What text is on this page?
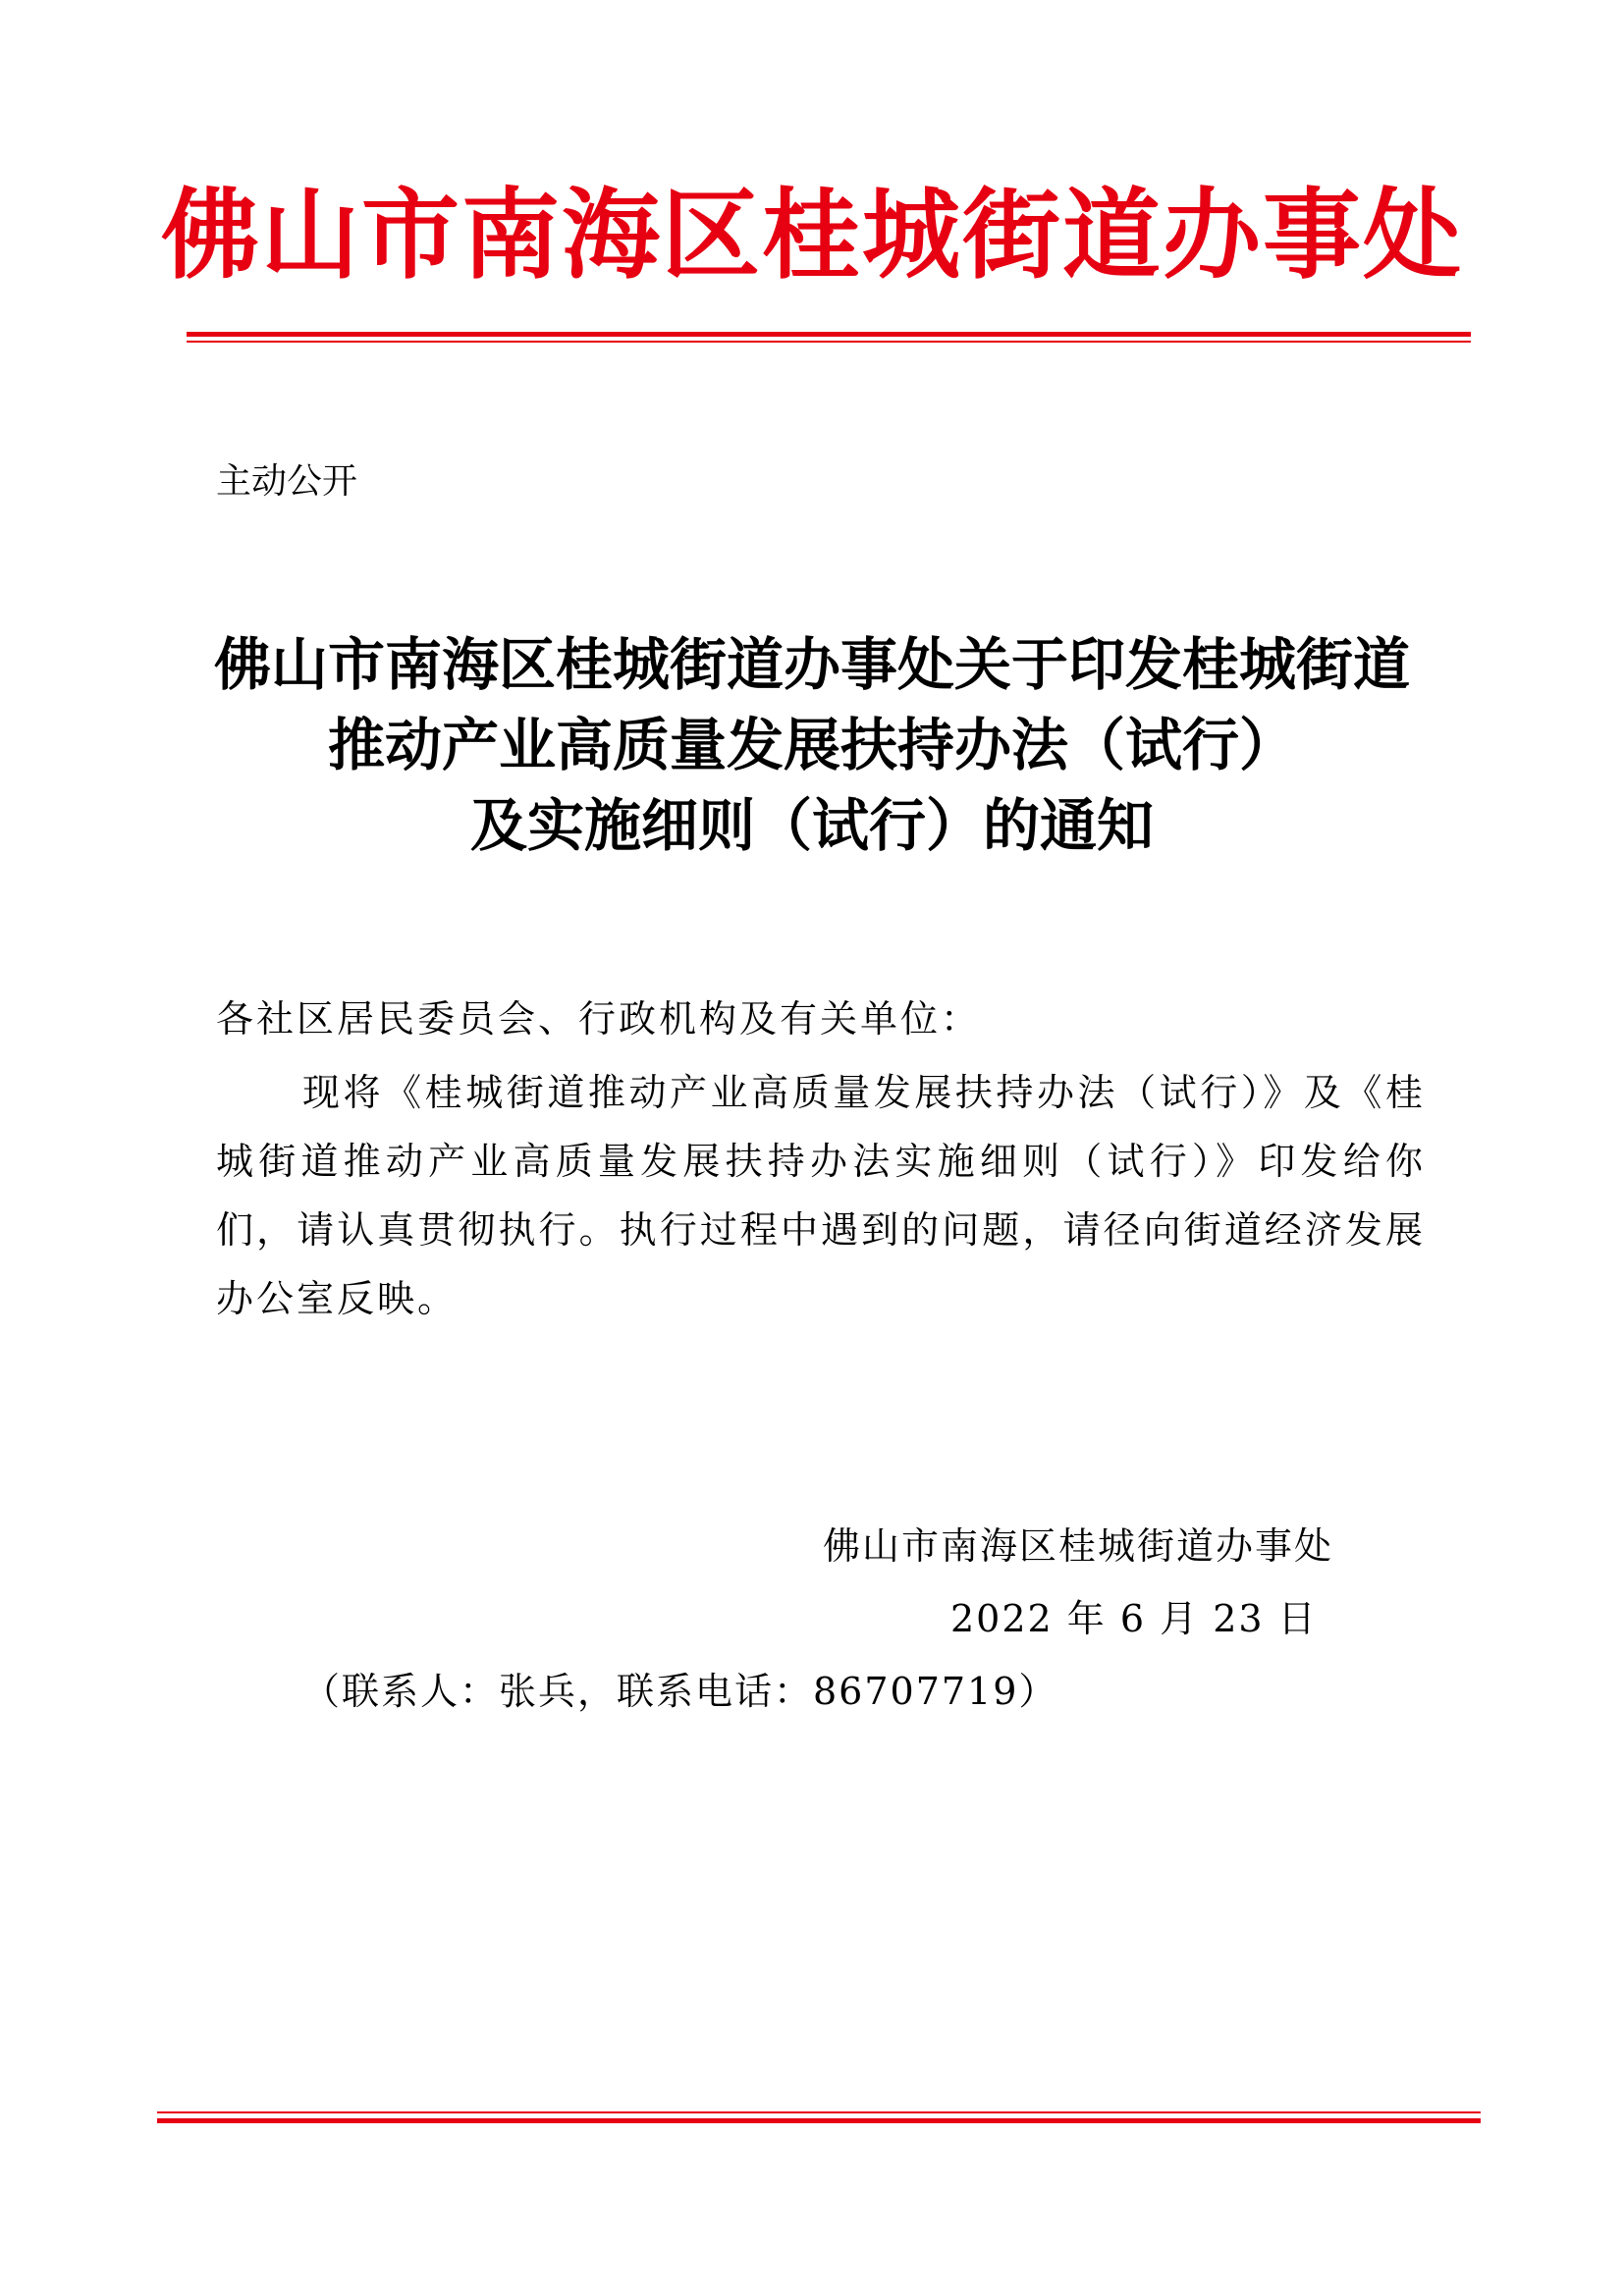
佛山市南海区桂城街道办事处
主动公开
佛山市南海区桂城街道办事处关于印发桂城街道
推动产业高质量发展扶持办法（试行）
及实施细则（试行）的通知
各社区居民委员会、行政机构及有关单位：
现将《桂城街道推动产业高质量发展扶持办法（试行）》及《桂城街道推动产业高质量发展扶持办法实施细则（试行）》印发给你们，请认真贯彻执行。执行过程中遇到的问题，请径向街道经济发展办公室反映。
佛山市南海区桂城街道办事处
2022 年 6 月 23 日
（联系人：张兵，联系电话：86707719）
